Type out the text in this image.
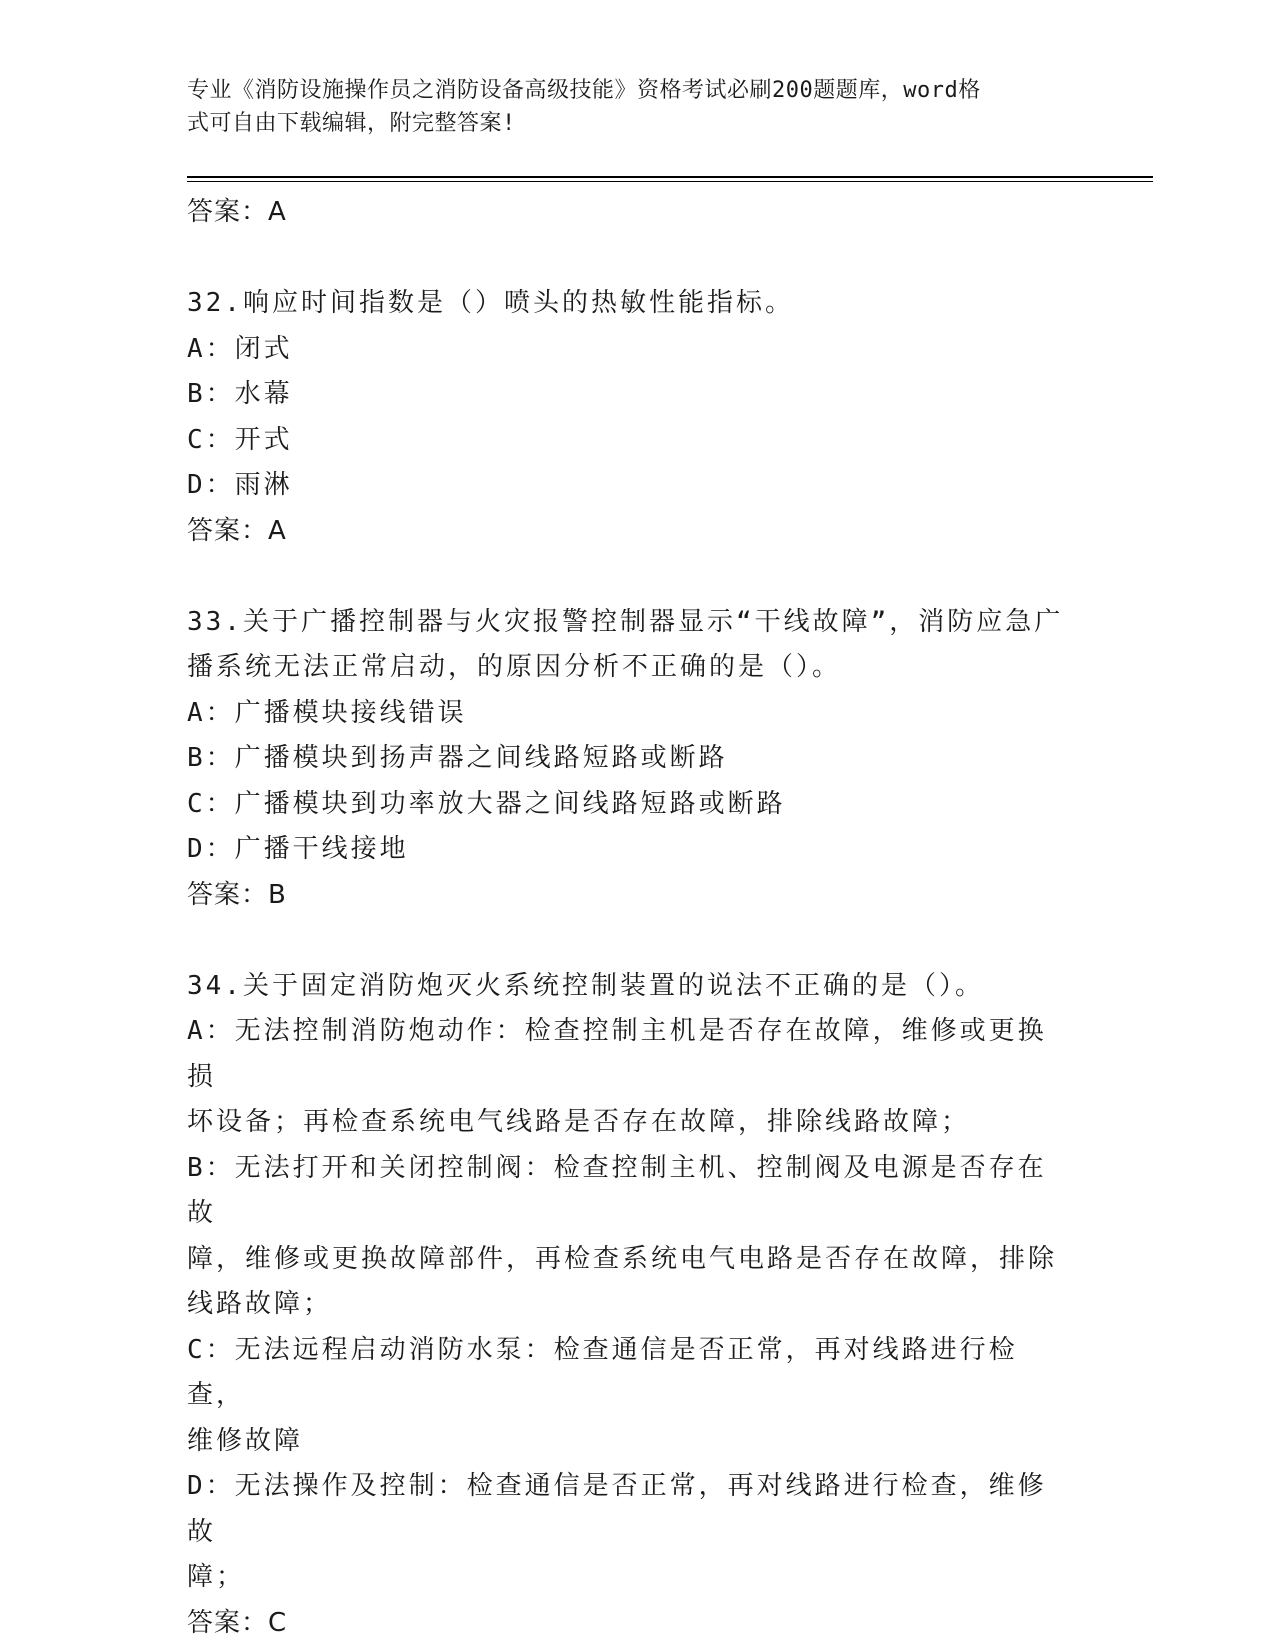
专业《消防设施操作员之消防设备高级技能》资格考试必刷200题题库，word格
式可自由下载编辑，附完整答案!
答案：A
32.响应时间指数是（）喷头的热敏性能指标。
A：闭式
B：水幕
C：开式
D：雨淋
答案：A
33.关于广播控制器与火灾报警控制器显示“干线故障”，消防应急广
播系统无法正常启动，的原因分析不正确的是（）。
A：广播模块接线错误
B：广播模块到扬声器之间线路短路或断路
C：广播模块到功率放大器之间线路短路或断路
D：广播干线接地
答案：B
34.关于固定消防炮灭火系统控制装置的说法不正确的是（）。
A：无法控制消防炮动作：检查控制主机是否存在故障，维修或更换损
坏设备；再检查系统电气线路是否存在故障，排除线路故障；
B：无法打开和关闭控制阀：检查控制主机、控制阀及电源是否存在故
障，维修或更换故障部件，再检查系统电气电路是否存在故障，排除
线路故障；
C：无法远程启动消防水泵：检查通信是否正常，再对线路进行检查，
维修故障
D：无法操作及控制：检查通信是否正常，再对线路进行检查，维修故
障；
答案：C
